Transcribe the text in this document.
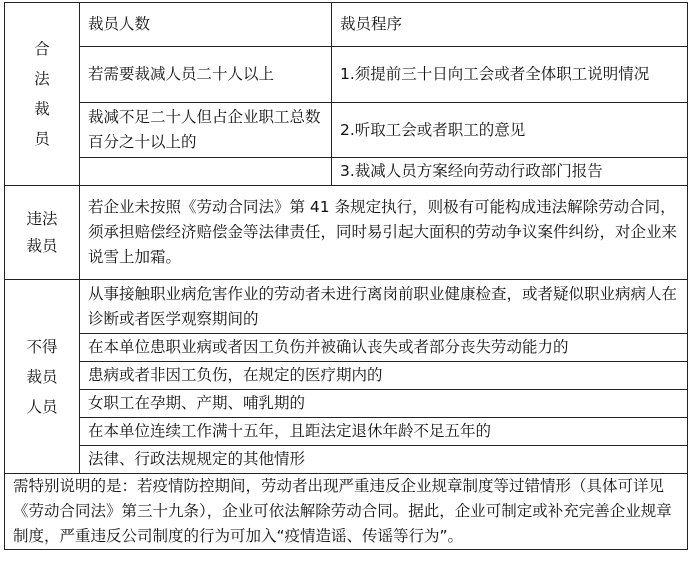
合法裁员	裁员人数	裁员程序
	若需要裁减人员二十人以上	1.须提前三十日向工会或者全体职工说明情况
	裁减不足二十人但占企业职工总数百分之十以上的	2.听取工会或者职工的意见
		3.裁减人员方案经向劳动行政部门报告

违法裁员	若企业未按照《劳动合同法》第 41 条规定执行，则极有可能构成违法解除劳动合同，须承担赔偿经济赔偿金等法律责任，同时易引起大面积的劳动争议案件纠纷，对企业来说雪上加霜。	

不得裁员人员	从事接触职业病危害作业的劳动者未进行离岗前职业健康检查，或者疑似职业病病人在诊断或者医学观察期间的	
	在本单位患职业病或者因工负伤并被确认丧失或者部分丧失劳动能力的	
	患病或者非因工负伤，在规定的医疗期内的	
	女职工在孕期、产期、哺乳期的	
	在本单位连续工作满十五年，且距法定退休年龄不足五年的	
	法律、行政法规规定的其他情形	
需特别说明的是：若疫情防控期间，劳动者出现严重违反企业规章制度等过错情形（具体可详见《劳动合同法》第三十九条），企业可依法解除劳动合同。据此，企业可制定或补充完善企业规章制度，严重违反公司制度的行为可加入“疫情造谣、传谣等行为”。		
